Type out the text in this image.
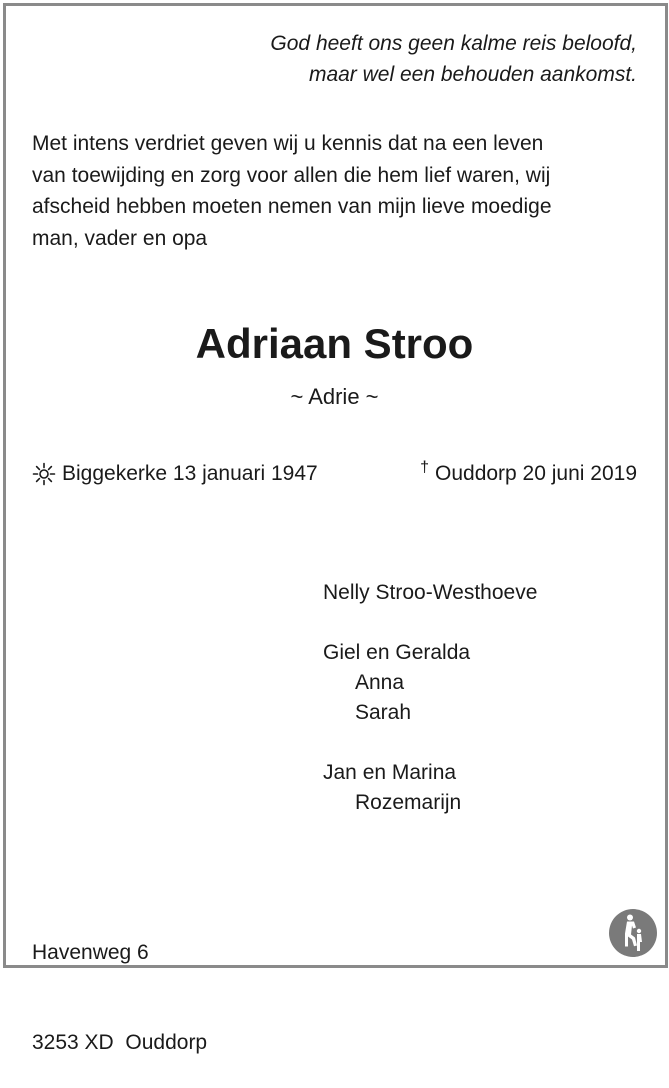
God heeft ons geen kalme reis beloofd,
maar wel een behouden aankomst.
Met intens verdriet geven wij u kennis dat na een leven
van toewijding en zorg voor allen die hem lief waren, wij
afscheid hebben moeten nemen van mijn lieve moedige
man, vader en opa
Adriaan Stroo
~ Adrie ~
Biggekerke 13 januari 1947	† Ouddorp 20 juni 2019
Nelly Stroo-Westhoeve
Giel en Geralda
Anna
Sarah
Jan en Marina
Rozemarijn

Havenweg 6

3253 XD  Ouddorp
